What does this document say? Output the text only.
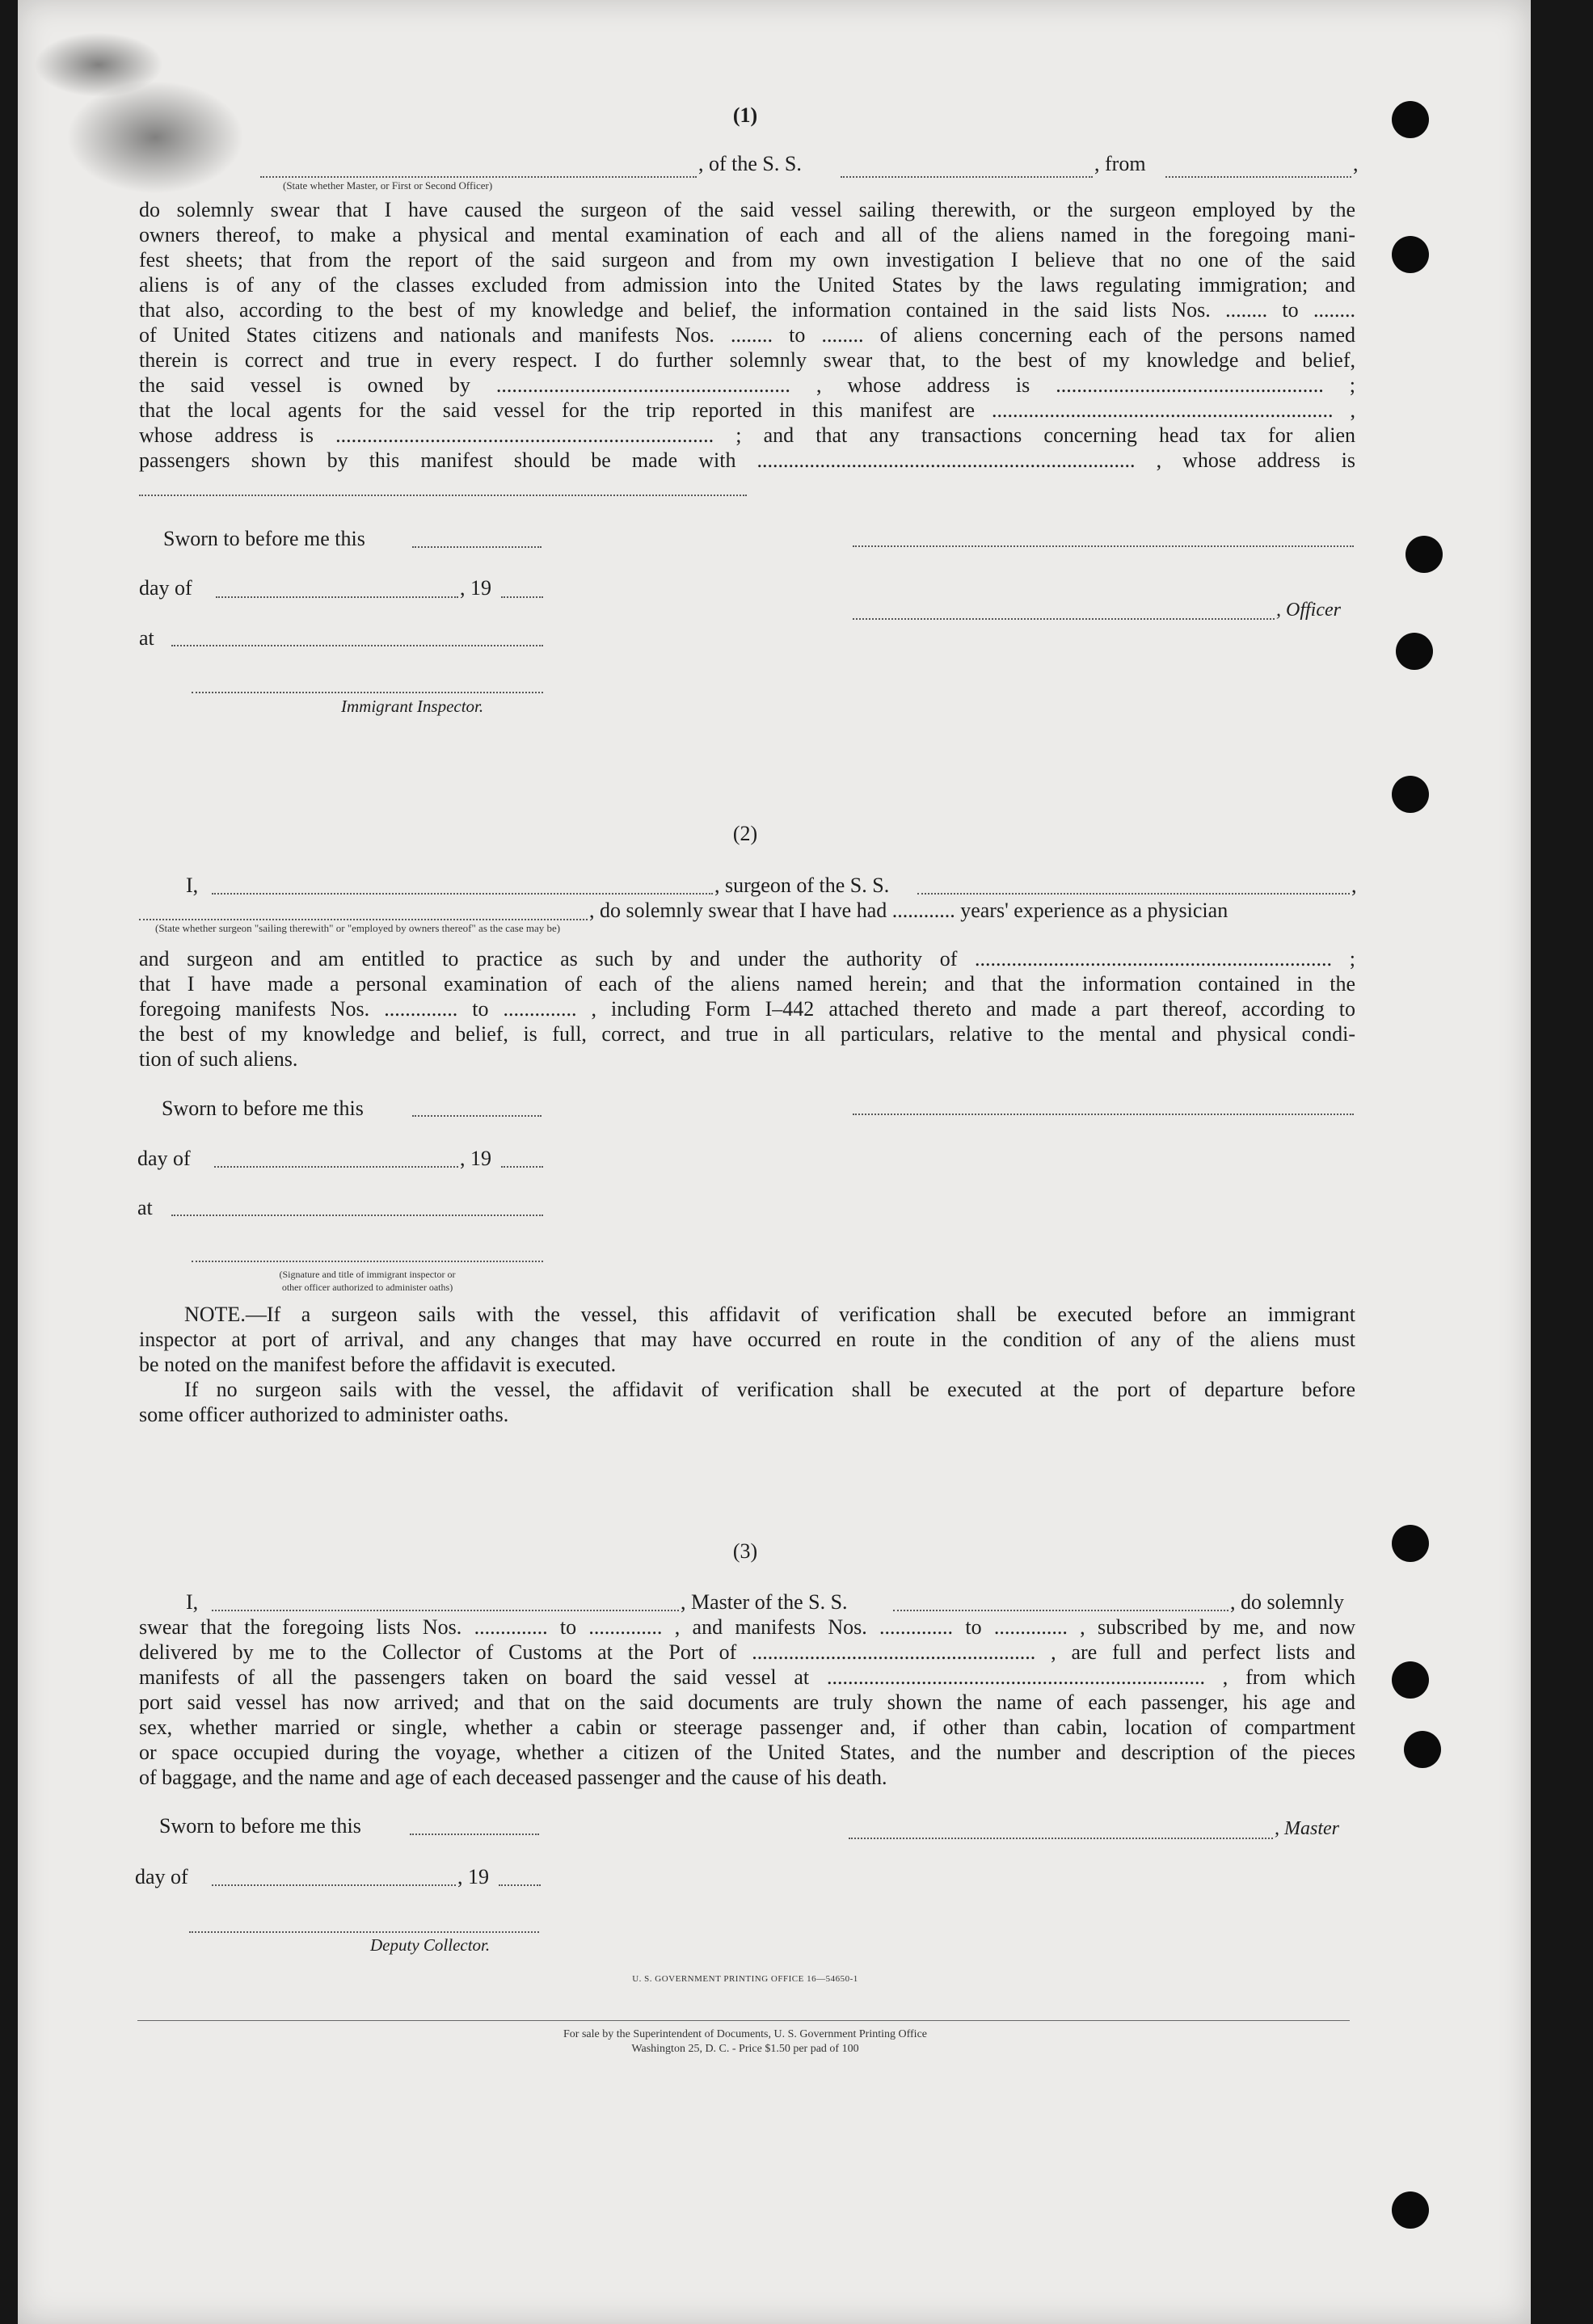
(1)
, of the S. S.	, from	,
(State whether Master, or First or Second Officer)
do solemnly swear that I have caused the surgeon of the said vessel sailing therewith, or the surgeon employed by the
owners thereof, to make a physical and mental examination of each and all of the aliens named in the foregoing mani-
fest sheets; that from the report of the said surgeon and from my own investigation I believe that no one of the said
aliens is of any of the classes excluded from admission into the United States by the laws regulating immigration; and
that also, according to the best of my knowledge and belief, the information contained in the said lists Nos. ........ to ........
of United States citizens and nationals and manifests Nos. ........ to ........ of aliens concerning each of the persons named
therein is correct and true in every respect. I do further solemnly swear that, to the best of my knowledge and belief,
the said vessel is owned by ........................................................ , whose address is ................................................... ;
that the local agents for the said vessel for the trip reported in this manifest are ................................................................. ,
whose address is ........................................................................ ; and that any transactions concerning head tax for alien
passengers shown by this manifest should be made with ........................................................................ , whose address is
Sworn to before me this
day of	, 19
at
Immigrant Inspector.
, Officer
(2)
I,	, surgeon of the S. S.	,
, do solemnly swear that I have had ............ years' experience as a physician
(State whether surgeon "sailing therewith" or "employed by owners thereof" as the case may be)
and surgeon and am entitled to practice as such by and under the authority of .................................................................... ;
that I have made a personal examination of each of the aliens named herein; and that the information contained in the
foregoing manifests Nos. .............. to .............. , including Form I–442 attached thereto and made a part thereof, according to
the best of my knowledge and belief, is full, correct, and true in all particulars, relative to the mental and physical condi-
tion of such aliens.
Sworn to before me this
day of	, 19
at
(Signature and title of immigrant inspector or
other officer authorized to administer oaths)
NOTE.—If a surgeon sails with the vessel, this affidavit of verification shall be executed before an immigrant
inspector at port of arrival, and any changes that may have occurred en route in the condition of any of the aliens must
be noted on the manifest before the affidavit is executed.
If no surgeon sails with the vessel, the affidavit of verification shall be executed at the port of departure before
some officer authorized to administer oaths.
(3)
I,	, Master of the S. S.	, do solemnly
swear that the foregoing lists Nos. .............. to .............. , and manifests Nos. .............. to .............. , subscribed by me, and now
delivered by me to the Collector of Customs at the Port of ...................................................... , are full and perfect lists and
manifests of all the passengers taken on board the said vessel at ........................................................................ , from which
port said vessel has now arrived; and that on the said documents are truly shown the name of each passenger, his age and
sex, whether married or single, whether a cabin or steerage passenger and, if other than cabin, location of compartment
or space occupied during the voyage, whether a citizen of the United States, and the number and description of the pieces
of baggage, and the name and age of each deceased passenger and the cause of his death.
Sworn to before me this
day of	, 19
Deputy Collector.
, Master
U. S. GOVERNMENT PRINTING OFFICE 16—54650-1
For sale by the Superintendent of Documents, U. S. Government Printing Office
Washington 25, D. C. - Price $1.50 per pad of 100
